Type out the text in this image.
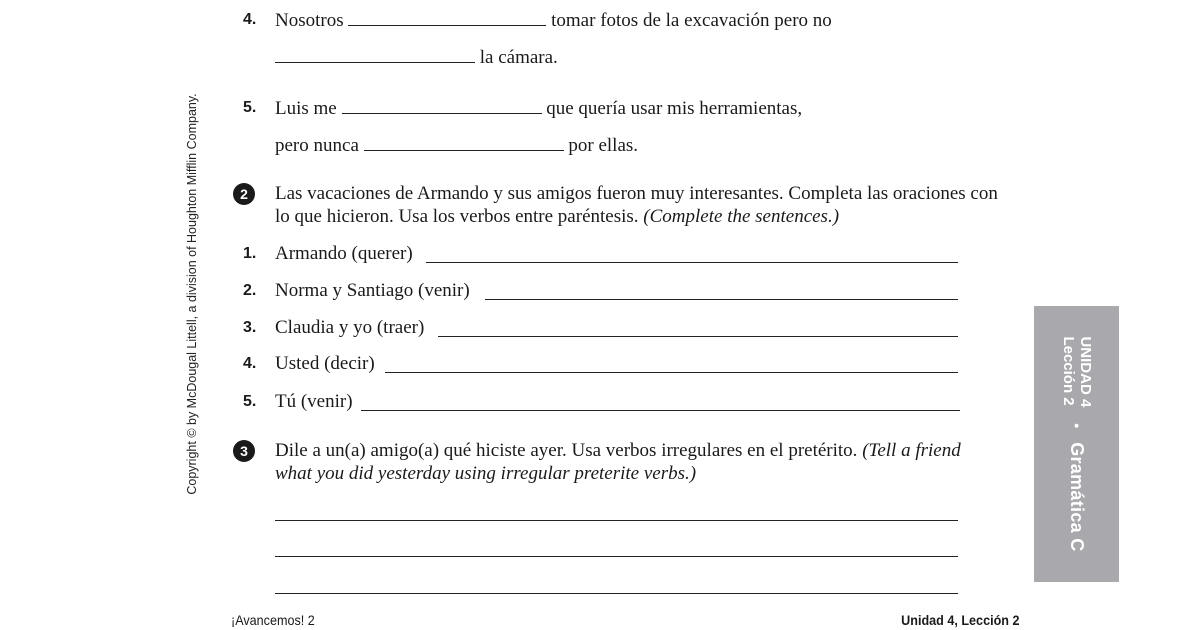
Copyright © by McDougal Littell, a division of Houghton Mifflin Company.
4. Nosotros	tomar fotos de la excavación pero no
la cámara.
5. Luis me	que quería usar mis herramientas,
pero nunca	por ellas.
2	Las vacaciones de Armando y sus amigos fueron muy interesantes. Completa las oraciones con
lo que hicieron. Usa los verbos entre paréntesis. (Complete the sentences.)
1. Armando (querer)
2. Norma y Santiago (venir)
3. Claudia y yo (traer)
4. Usted (decir)
5. Tú (venir)
3	Dile a un(a) amigo(a) qué hiciste ayer. Usa verbos irregulares en el pretérito. (Tell a friend
what you did yesterday using irregular preterite verbs.)
UNIDAD 4
Lección 2
•
Gramática C
¡Avancemos! 2	Unidad 4, Lección 2
